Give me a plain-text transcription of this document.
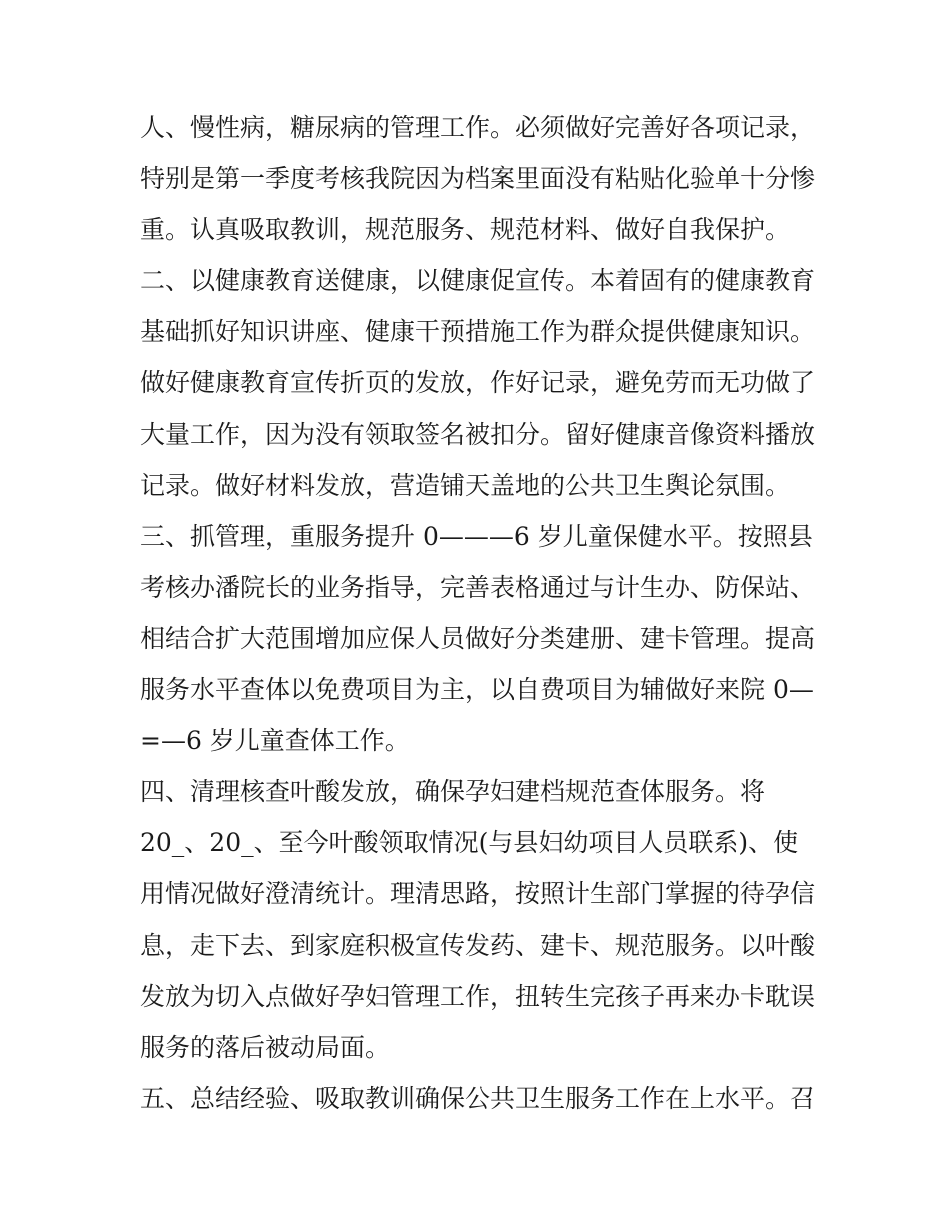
人、慢性病，糖尿病的管理工作。必须做好完善好各项记录，
特别是第一季度考核我院因为档案里面没有粘贴化验单十分惨
重。认真吸取教训，规范服务、规范材料、做好自我保护。
二、以健康教育送健康，以健康促宣传。本着固有的健康教育
基础抓好知识讲座、健康干预措施工作为群众提供健康知识。
做好健康教育宣传折页的发放，作好记录，避免劳而无功做了
大量工作，因为没有领取签名被扣分。留好健康音像资料播放
记录。做好材料发放，营造铺天盖地的公共卫生舆论氛围。
三、抓管理，重服务提升 0———6 岁儿童保健水平。按照县
考核办潘院长的业务指导，完善表格通过与计生办、防保站、
相结合扩大范围增加应保人员做好分类建册、建卡管理。提高
服务水平查体以免费项目为主，以自费项目为辅做好来院 0—
=—6 岁儿童查体工作。
四、清理核查叶酸发放，确保孕妇建档规范查体服务。将
20_、20_、至今叶酸领取情况(与县妇幼项目人员联系)、使
用情况做好澄清统计。理清思路，按照计生部门掌握的待孕信
息，走下去、到家庭积极宣传发药、建卡、规范服务。以叶酸
发放为切入点做好孕妇管理工作，扭转生完孩子再来办卡耽误
服务的落后被动局面。
五、总结经验、吸取教训确保公共卫生服务工作在上水平。召
